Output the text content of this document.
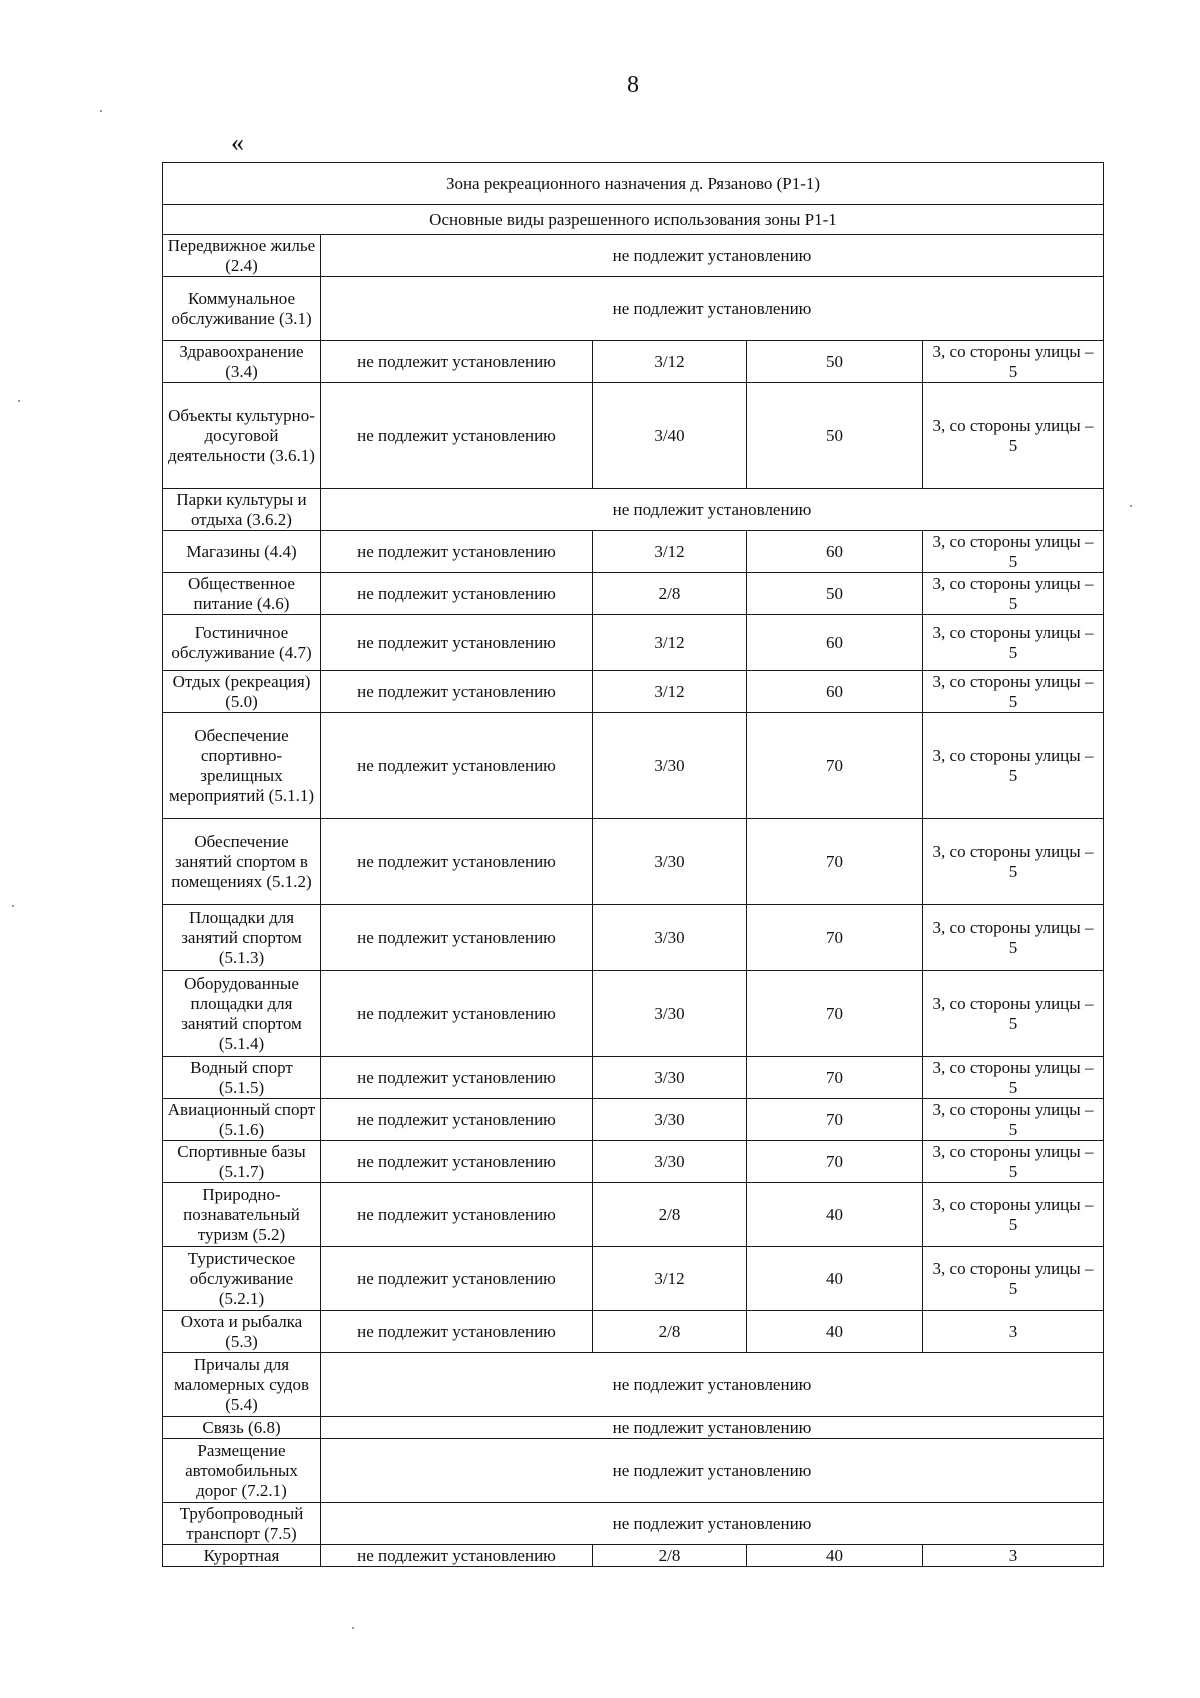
8
«
Зона рекреационного назначения д. Рязаново (Р1-1)				
Основные виды разрешенного использования зоны Р1-1				
Передвижное жилье (2.4)	не подлежит установлению			
Коммунальное обслуживание (3.1)	не подлежит установлению			
Здравоохранение (3.4)	не подлежит установлению	3/12	50	3, со стороны улицы – 5
Объекты культурно-досуговой деятельности (3.6.1)	не подлежит установлению	3/40	50	3, со стороны улицы – 5
Парки культуры и отдыха (3.6.2)	не подлежит установлению			
Магазины (4.4)	не подлежит установлению	3/12	60	3, со стороны улицы – 5
Общественное питание (4.6)	не подлежит установлению	2/8	50	3, со стороны улицы – 5
Гостиничное обслуживание (4.7)	не подлежит установлению	3/12	60	3, со стороны улицы – 5
Отдых (рекреация) (5.0)	не подлежит установлению	3/12	60	3, со стороны улицы – 5
Обеспечение спортивно-зрелищных мероприятий (5.1.1)	не подлежит установлению	3/30	70	3, со стороны улицы – 5
Обеспечение занятий спортом в помещениях (5.1.2)	не подлежит установлению	3/30	70	3, со стороны улицы – 5
Площадки для занятий спортом (5.1.3)	не подлежит установлению	3/30	70	3, со стороны улицы – 5
Оборудованные площадки для занятий спортом (5.1.4)	не подлежит установлению	3/30	70	3, со стороны улицы – 5
Водный спорт (5.1.5)	не подлежит установлению	3/30	70	3, со стороны улицы – 5
Авиационный спорт (5.1.6)	не подлежит установлению	3/30	70	3, со стороны улицы – 5
Спортивные базы (5.1.7)	не подлежит установлению	3/30	70	3, со стороны улицы – 5
Природно-познавательный туризм (5.2)	не подлежит установлению	2/8	40	3, со стороны улицы – 5
Туристическое обслуживание (5.2.1)	не подлежит установлению	3/12	40	3, со стороны улицы – 5
Охота и рыбалка (5.3)	не подлежит установлению	2/8	40	3
Причалы для маломерных судов (5.4)	не подлежит установлению			
Связь (6.8)	не подлежит установлению			
Размещение автомобильных дорог (7.2.1)	не подлежит установлению			
Трубопроводный транспорт (7.5)	не подлежит установлению			
Курортная	не подлежит установлению	2/8	40	3
